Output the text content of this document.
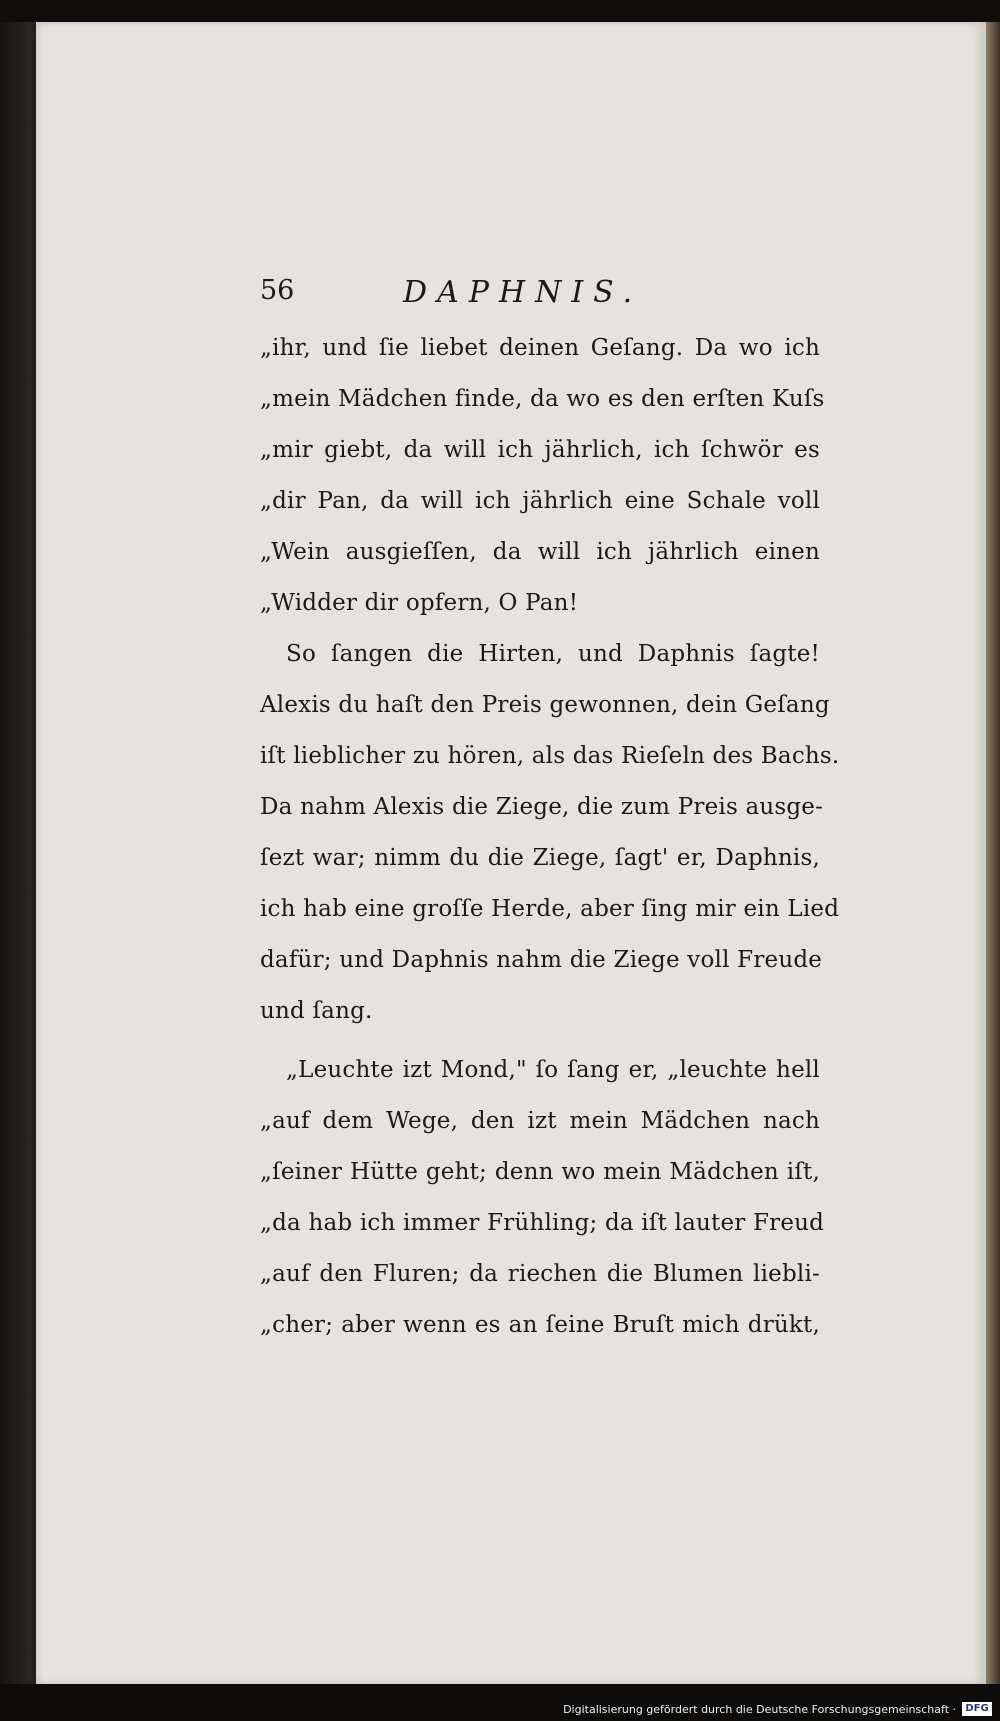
56	DAPHNIS.
„ihr, und ſie liebet deinen Geſang. Da wo ich
„mein Mädchen finde, da wo es den erſten Kuſs
„mir giebt, da will ich jährlich, ich ſchwör es
„dir Pan, da will ich jährlich eine Schale voll
„Wein ausgieſſen, da will ich jährlich einen
„Widder dir opfern, O Pan!
So ſangen die Hirten, und Daphnis ſagte!
Alexis du haſt den Preis gewonnen, dein Geſang
iſt lieblicher zu hören, als das Rieſeln des Bachs.
Da nahm Alexis die Ziege, die zum Preis ausge-
ſezt war; nimm du die Ziege, ſagt' er, Daphnis,
ich hab eine groſſe Herde, aber ſing mir ein Lied
dafür; und Daphnis nahm die Ziege voll Freude
und ſang.
„Leuchte izt Mond," ſo ſang er, „leuchte hell
„auf dem Wege, den izt mein Mädchen nach
„ſeiner Hütte geht; denn wo mein Mädchen iſt,
„da hab ich immer Frühling; da iſt lauter Freud
„auf den Fluren; da riechen die Blumen liebli-
„cher; aber wenn es an ſeine Bruſt mich drükt,
Digitalisierung gefördert durch die Deutsche Forschungsgemeinschaft · DFG
